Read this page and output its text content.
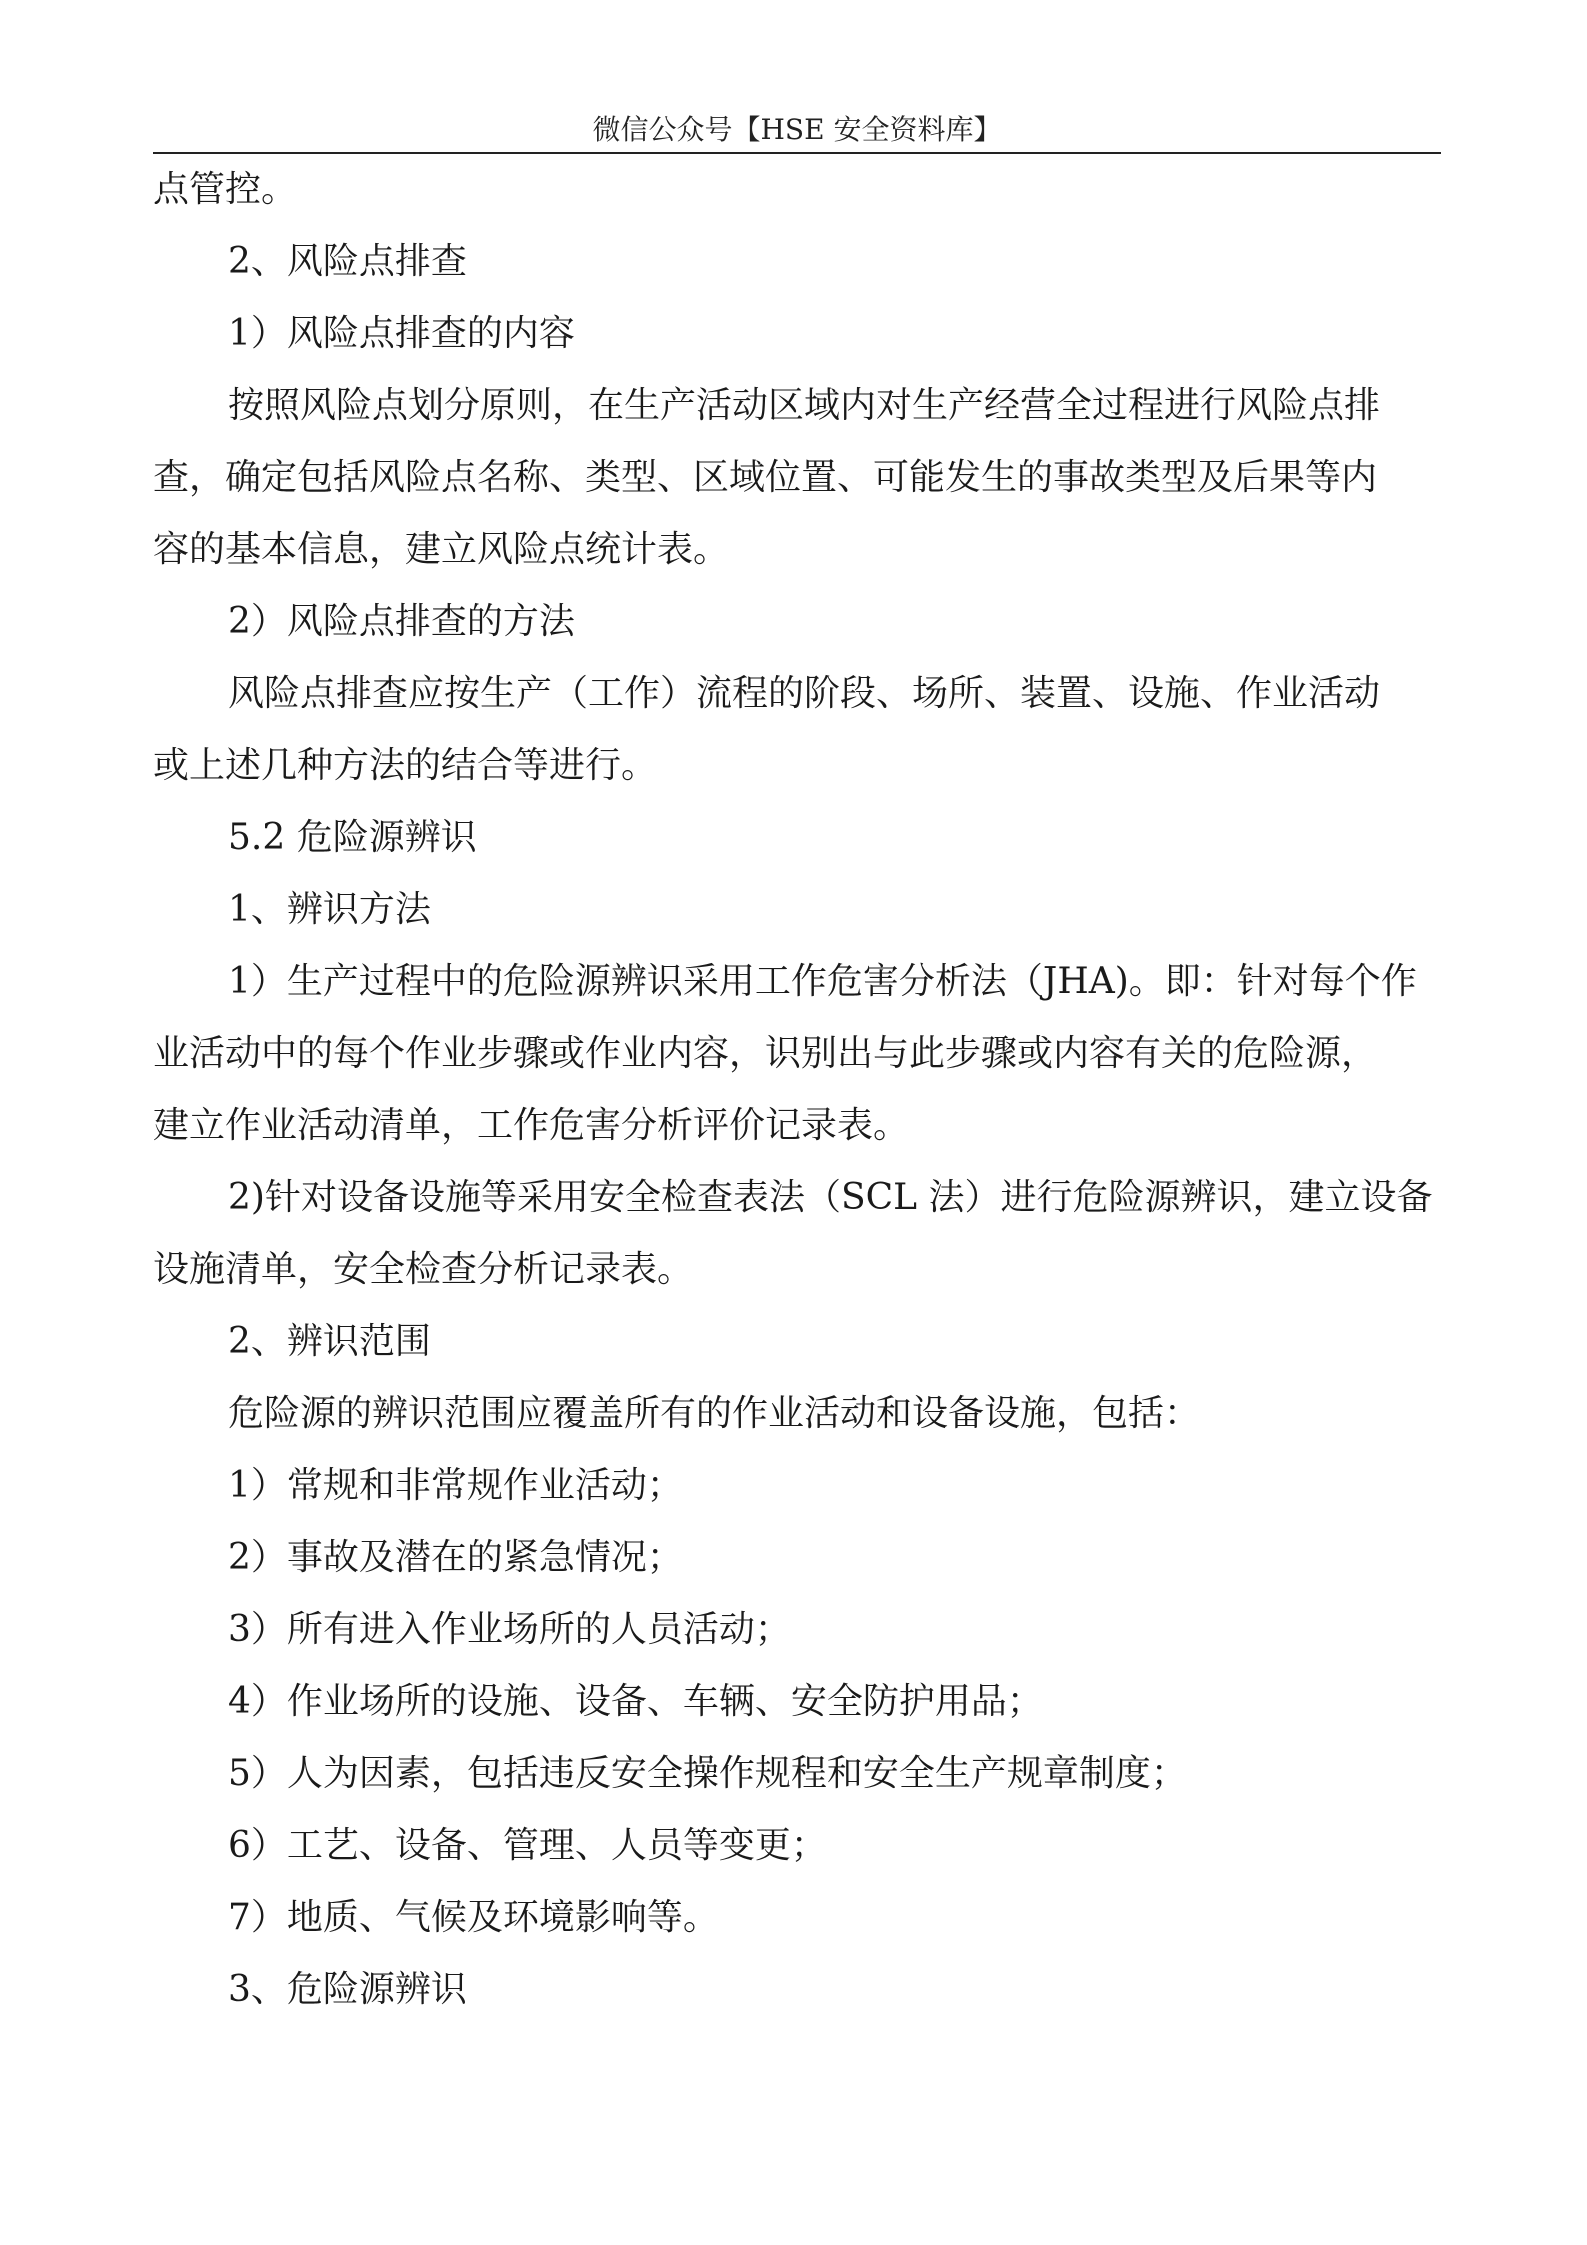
微信公众号【HSE 安全资料库】
点管控。
2、风险点排查
1）风险点排查的内容
按照风险点划分原则，在生产活动区域内对生产经营全过程进行风险点排
查，确定包括风险点名称、类型、区域位置、可能发生的事故类型及后果等内
容的基本信息，建立风险点统计表。
2）风险点排查的方法
风险点排查应按生产（工作）流程的阶段、场所、装置、设施、作业活动
或上述几种方法的结合等进行。
5.2 危险源辨识
1、辨识方法
1）生产过程中的危险源辨识采用工作危害分析法（JHA)。即：针对每个作
业活动中的每个作业步骤或作业内容，识别出与此步骤或内容有关的危险源，
建立作业活动清单，工作危害分析评价记录表。
2)针对设备设施等采用安全检查表法（SCL 法）进行危险源辨识，建立设备
设施清单，安全检查分析记录表。
2、辨识范围
危险源的辨识范围应覆盖所有的作业活动和设备设施，包括：
1）常规和非常规作业活动；
2）事故及潜在的紧急情况；
3）所有进入作业场所的人员活动；
4）作业场所的设施、设备、车辆、安全防护用品；
5）人为因素，包括违反安全操作规程和安全生产规章制度；
6）工艺、设备、管理、人员等变更；
7）地质、气候及环境影响等。
3、危险源辨识
